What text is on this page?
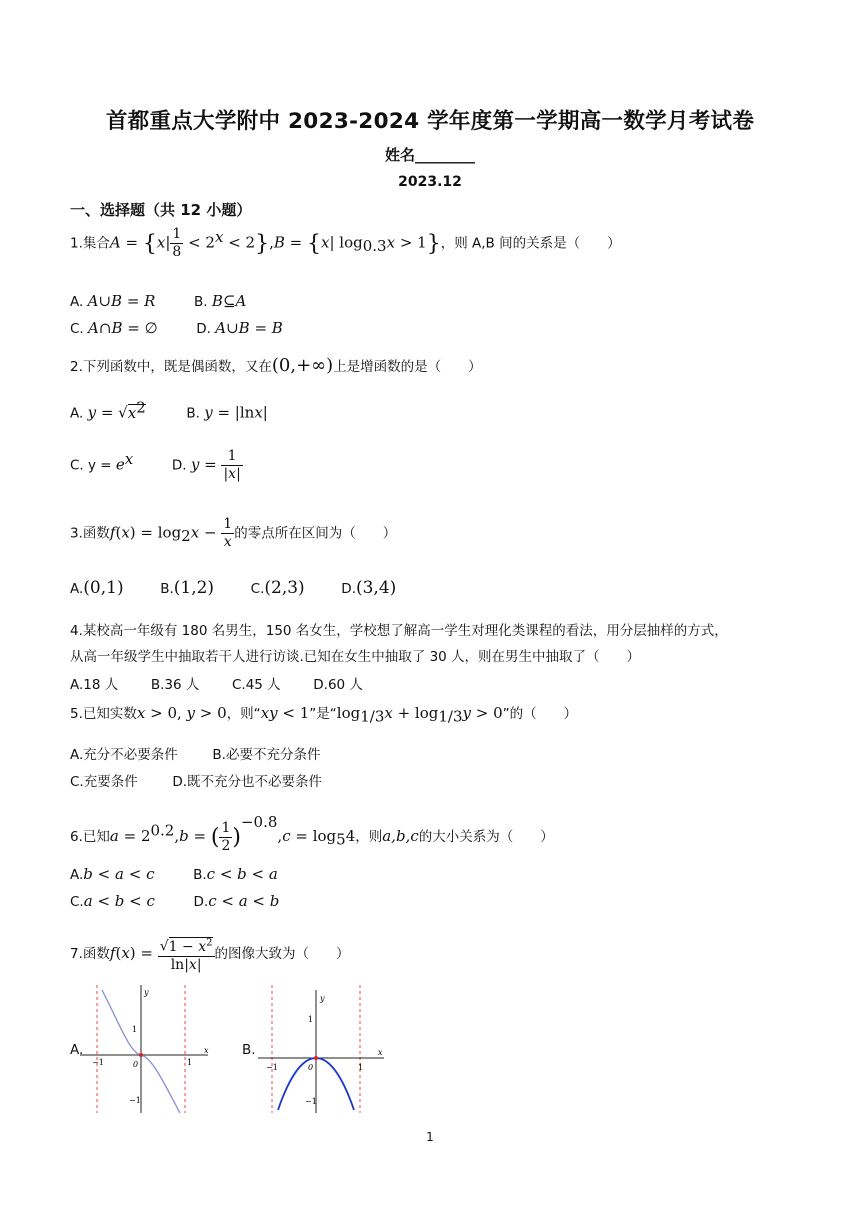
首都重点大学附中 2023-2024 学年度第一学期高一数学月考试卷
姓名________
2023.12
一、选择题（共 12 小题）
1.集合$A = \{x| \frac{1}{8} < 2^x < 2\},B = \{x|$ $\log_{0.3}x > 1$}，则 A,B 间的关系是（　　）
A. A∪B = R	B. B⊆A
C. A∩B = ∅	D. A∪B = B
2.下列函数中，既是偶函数，又在(0,+∞)上是增函数的是（　　）
A. $y = √x^2$	B. y = |lnx|
C. $y = e^x$	D. $y = \frac{1}{|x|}$
3.函数$f(x) = \log_2x - \frac{1}{x}$ 的零点所在区间为（　　）
A.(0,1)	B.(1,2)	C.(2,3)	D.(3,4)
4.某校高一年级有 180 名男生，150 名女生，学校想了解高一学生对理化类课程的看法，用分层抽样的方式，
从高一年级学生中抽取若干人进行访谈.已知在女生中抽取了 30 人，则在男生中抽取了（　　）
A.18 人 B.36 人 C.45 人 D.60 人
5.已知实数x > 0, y > 0，则“xy < 1”是“$\log_{1/3}x + \log_{1/3}y > 0$”的（　　）
A.充分不必要条件	B.必要不充分条件
C.充要条件	D.既不充分也不必要条件
6.已知$a = 2^{0.2},b$ = ( $\frac{1}{2} )^{-0.8},c = \log_54$，则a,b,c的大小关系为（　　）
A.b < a < c	B.c < b < a
C.a < b < c	D.c < a < b
7.函数$f(x) = \frac{√1 - x^2}{\ln|x|}$ 的图像大致为（　　）
A.
−1	0	1
1
−1
y
x B.
−1	0	1
1
−1
y
x
1
